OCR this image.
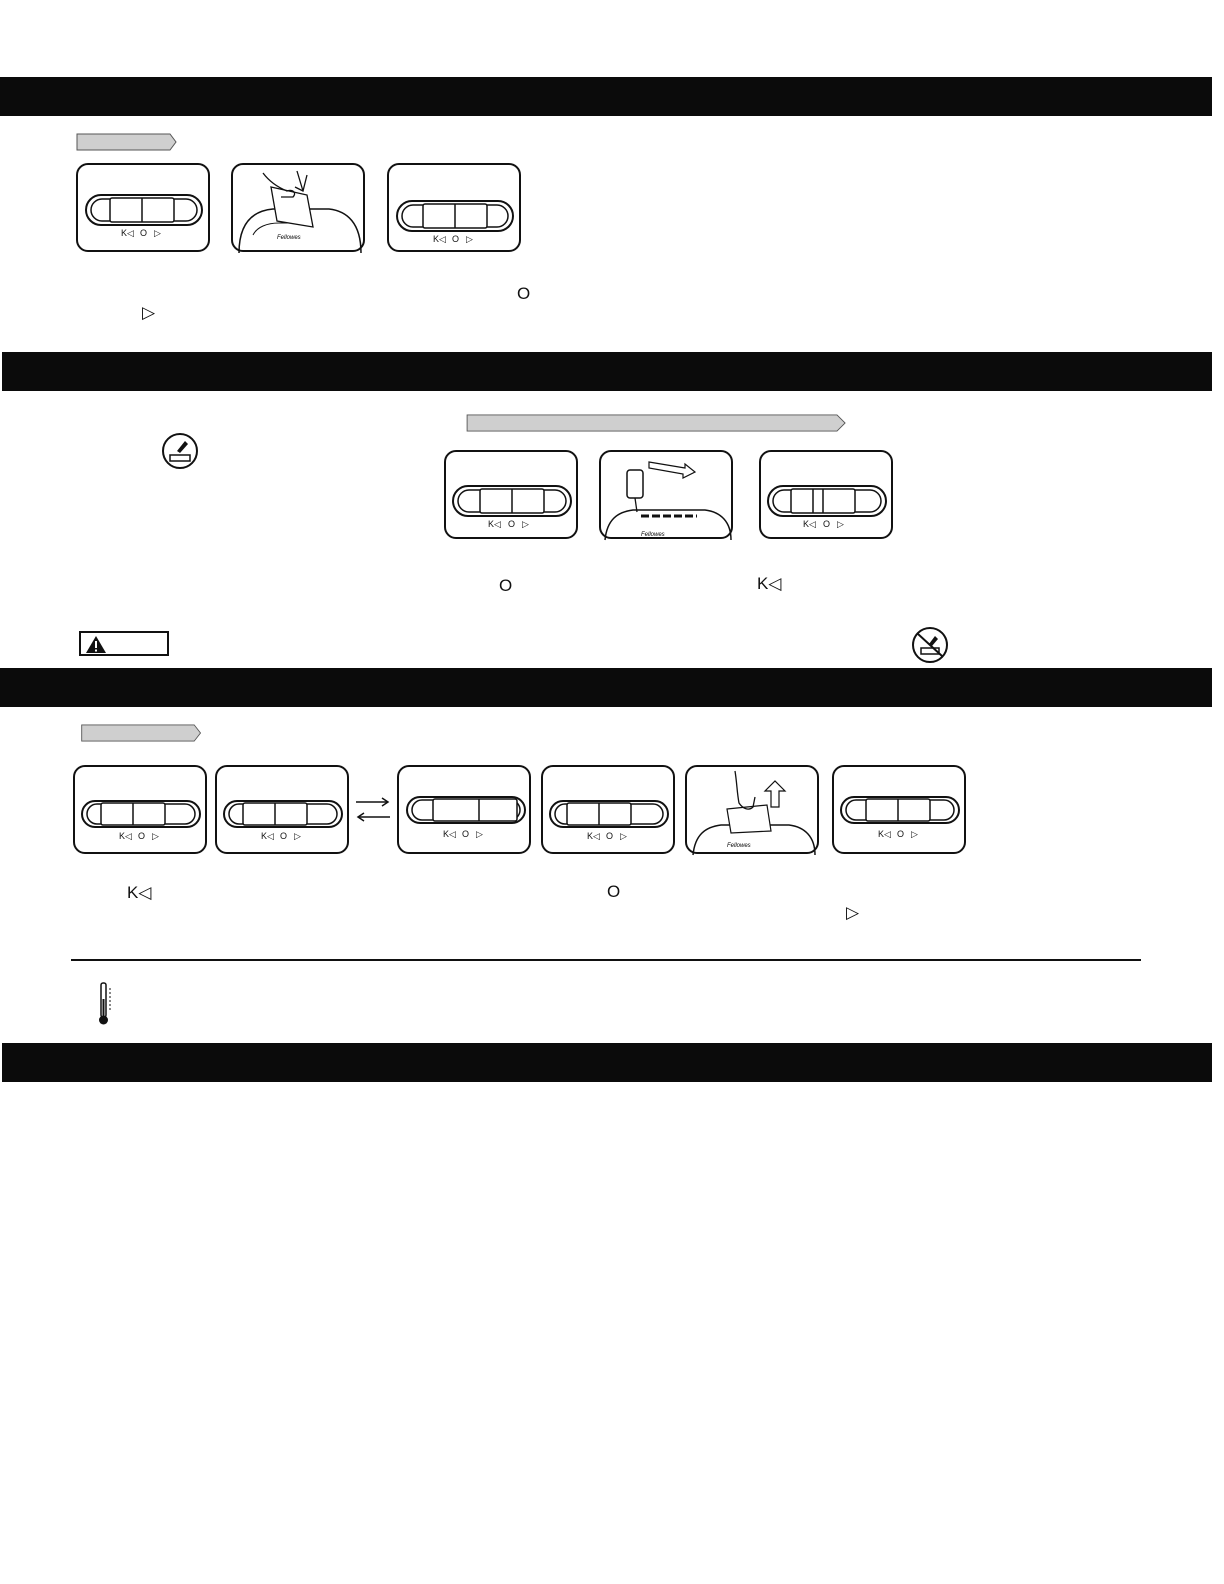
K◁ O ▷	Fellowes	K◁ O ▷
O
▷
K◁ O ▷
Fellowes
K◁ O ▷
O	K◁
K◁ O ▷	K◁ O ▷	K◁ O ▷	K◁ O ▷
Fellowes
K◁ O ▷
K◁	O
▷
